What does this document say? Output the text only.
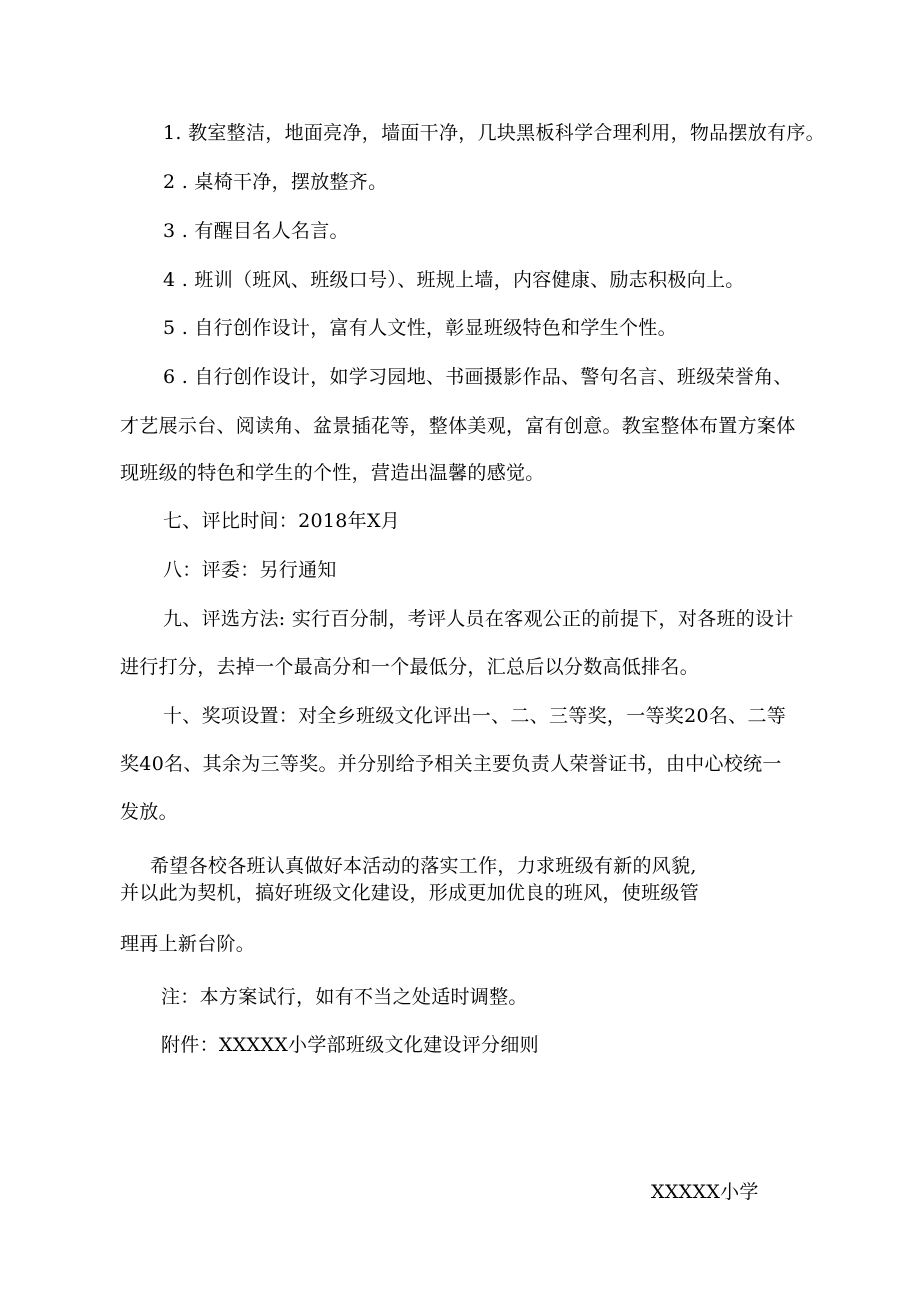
1. 教室整洁，地面亮净，墙面干净，几块黑板科学合理利用，物品摆放有序。
2 . 桌椅干净，摆放整齐。
3 . 有醒目名人名言。
4 . 班训（班风、班级口号）、班规上墙，内容健康、励志积极向上。
5 . 自行创作设计，富有人文性，彰显班级特色和学生个性。
6 . 自行创作设计，如学习园地、书画摄影作品、警句名言、班级荣誉角、
才艺展示台、阅读角、盆景插花等，整体美观，富有创意。教室整体布置方案体
现班级的特色和学生的个性，营造出温馨的感觉。
七、评比时间：2018年X月
八：评委：另行通知
九、评选方法: 实行百分制，考评人员在客观公正的前提下，对各班的设计
进行打分，去掉一个最高分和一个最低分，汇总后以分数高低排名。
十、奖项设置：对全乡班级文化评出一、二、三等奖，一等奖20名、二等
奖40名、其余为三等奖。并分别给予相关主要负责人荣誉证书，由中心校统一
发放。
希望各校各班认真做好本活动的落实工作，力求班级有新的风貌,
并以此为契机，搞好班级文化建设，形成更加优良的班风，使班级管
理再上新台阶。
注：本方案试行，如有不当之处适时调整。
附件：XXXXX小学部班级文化建设评分细则
XXXXX小学
